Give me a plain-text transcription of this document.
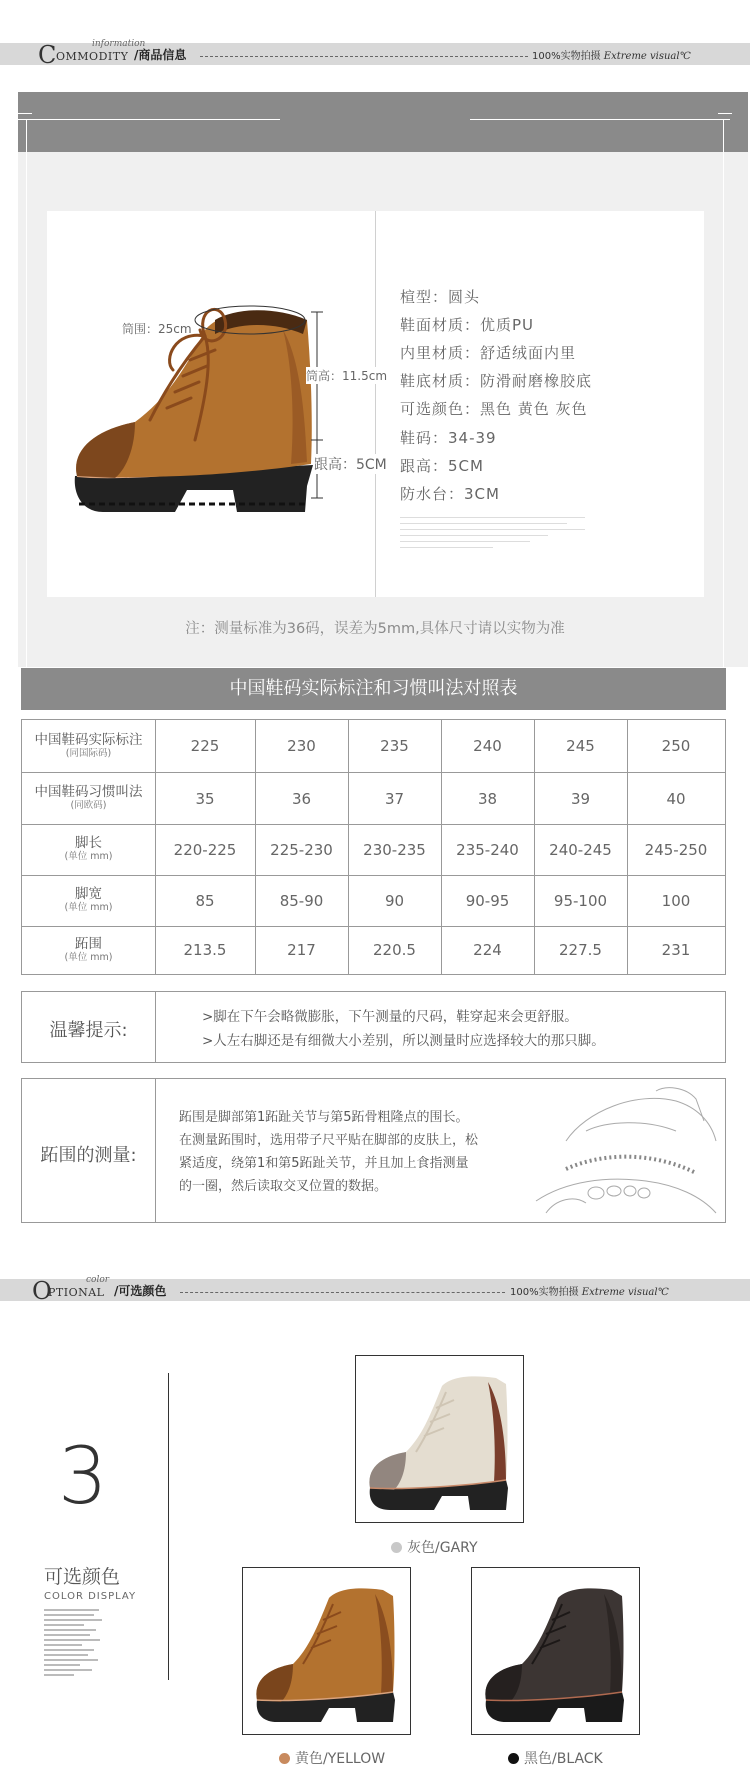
C OMMODITY
information
/商品信息	100%实物拍摄 Extreme visual℃
筒围：25cm
筒高：11.5cm
跟高：5CM
楦型：圆头
鞋面材质：优质PU
内里材质：舒适绒面内里
鞋底材质：防滑耐磨橡胶底
可选颜色：黑色 黄色 灰色
鞋码：34-39
跟高：5CM
防水台：3CM
注：测量标准为36码，误差为5mm,具体尺寸请以实物为准
中国鞋码实际标注和习惯叫法对照表
中国鞋码实际标注
(同国际码)	225	230	235	240	245	250
中国鞋码习惯叫法
(同欧码)	35	36	37	38	39	40
脚长
(单位 mm)	220-225	225-230	230-235	235-240	240-245	245-250
脚宽
(单位 mm)	85	85-90	90	90-95	95-100	100
跖围
(单位 mm)	213.5	217	220.5	224	227.5	231
温馨提示:
>脚在下午会略微膨胀，下午测量的尺码，鞋穿起来会更舒服。
>人左右脚还是有细微大小差别，所以测量时应选择较大的那只脚。
跖围的测量:
跖围是脚部第1跖趾关节与第5跖骨粗隆点的围长。
在测量跖围时，选用带子尺平贴在脚部的皮肤上，松
紧适度，绕第1和第5跖趾关节，并且加上食指测量
的一圈，然后读取交叉位置的数据。
O
PTIONAL
color
/可选颜色	100%实物拍摄 Extreme visual℃
3
可选颜色
COLOR DISPLAY
灰色/GARY
黄色/YELLOW	黑色/BLACK
